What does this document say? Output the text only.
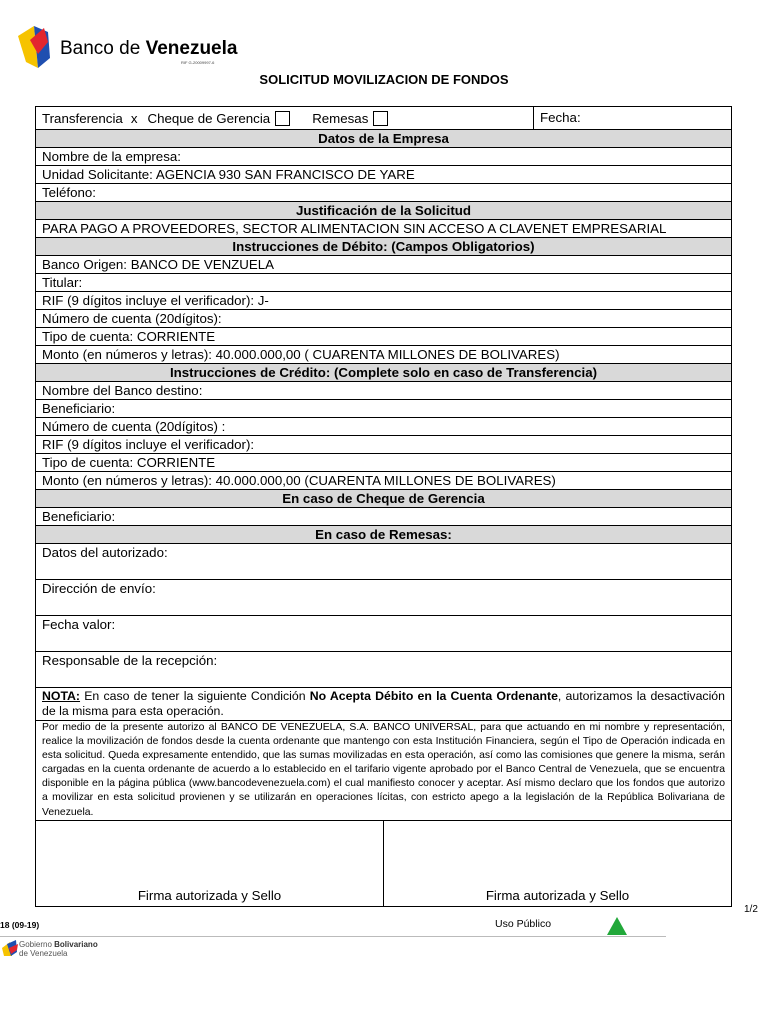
Banco de Venezuela
RIF G-20009997-6
SOLICITUD MOVILIZACION DE FONDOS
Transferencia x Cheque de Gerencia	Remesas	Fecha:
Datos de la Empresa
Nombre de la empresa:
Unidad Solicitante: AGENCIA 930 SAN FRANCISCO DE YARE
Teléfono:
Justificación de la Solicitud
PARA PAGO A PROVEEDORES, SECTOR ALIMENTACION SIN ACCESO A CLAVENET EMPRESARIAL
Instrucciones de Débito: (Campos Obligatorios)
Banco Origen: BANCO DE VENZUELA
Titular:
RIF (9 dígitos incluye el verificador): J-
Número de cuenta (20dígitos):
Tipo de cuenta: CORRIENTE
Monto (en números y letras): 40.000.000,00 ( CUARENTA MILLONES DE BOLIVARES)
Instrucciones de Crédito: (Complete solo en caso de Transferencia)
Nombre del Banco destino:
Beneficiario:
Número de cuenta (20dígitos) :
RIF (9 dígitos incluye el verificador):
Tipo de cuenta: CORRIENTE
Monto (en números y letras): 40.000.000,00 (CUARENTA MILLONES DE BOLIVARES)
En caso de Cheque de Gerencia
Beneficiario:
En caso de Remesas:
Datos del autorizado:
Dirección de envío:
Fecha valor:
Responsable de la recepción:
NOTA: En caso de tener la siguiente Condición No Acepta Débito en la Cuenta Ordenante, autorizamos la desactivación de la misma para esta operación.
Por medio de la presente autorizo al BANCO DE VENEZUELA, S.A. BANCO UNIVERSAL, para que actuando en mi nombre y representación, realice la movilización de fondos desde la cuenta ordenante que mantengo con esta Institución Financiera, según el Tipo de Operación indicada en esta solicitud. Queda expresamente entendido, que las sumas movilizadas en esta operación, así como las comisiones que genere la misma, serán cargadas en la cuenta ordenante de acuerdo a lo establecido en el tarifario vigente aprobado por el Banco Central de Venezuela, que se encuentra disponible en la página pública (www.bancodevenezuela.com) el cual manifiesto conocer y aceptar. Así mismo declaro que los fondos que autorizo a movilizar en esta solicitud provienen y se utilizarán en operaciones lícitas, con estricto apego a la legislación de la República Bolivariana de Venezuela.
Firma autorizada y Sello	Firma autorizada y Sello
1/2
18 (09-19)	Uso Público
Gobierno Bolivariano
de Venezuela
